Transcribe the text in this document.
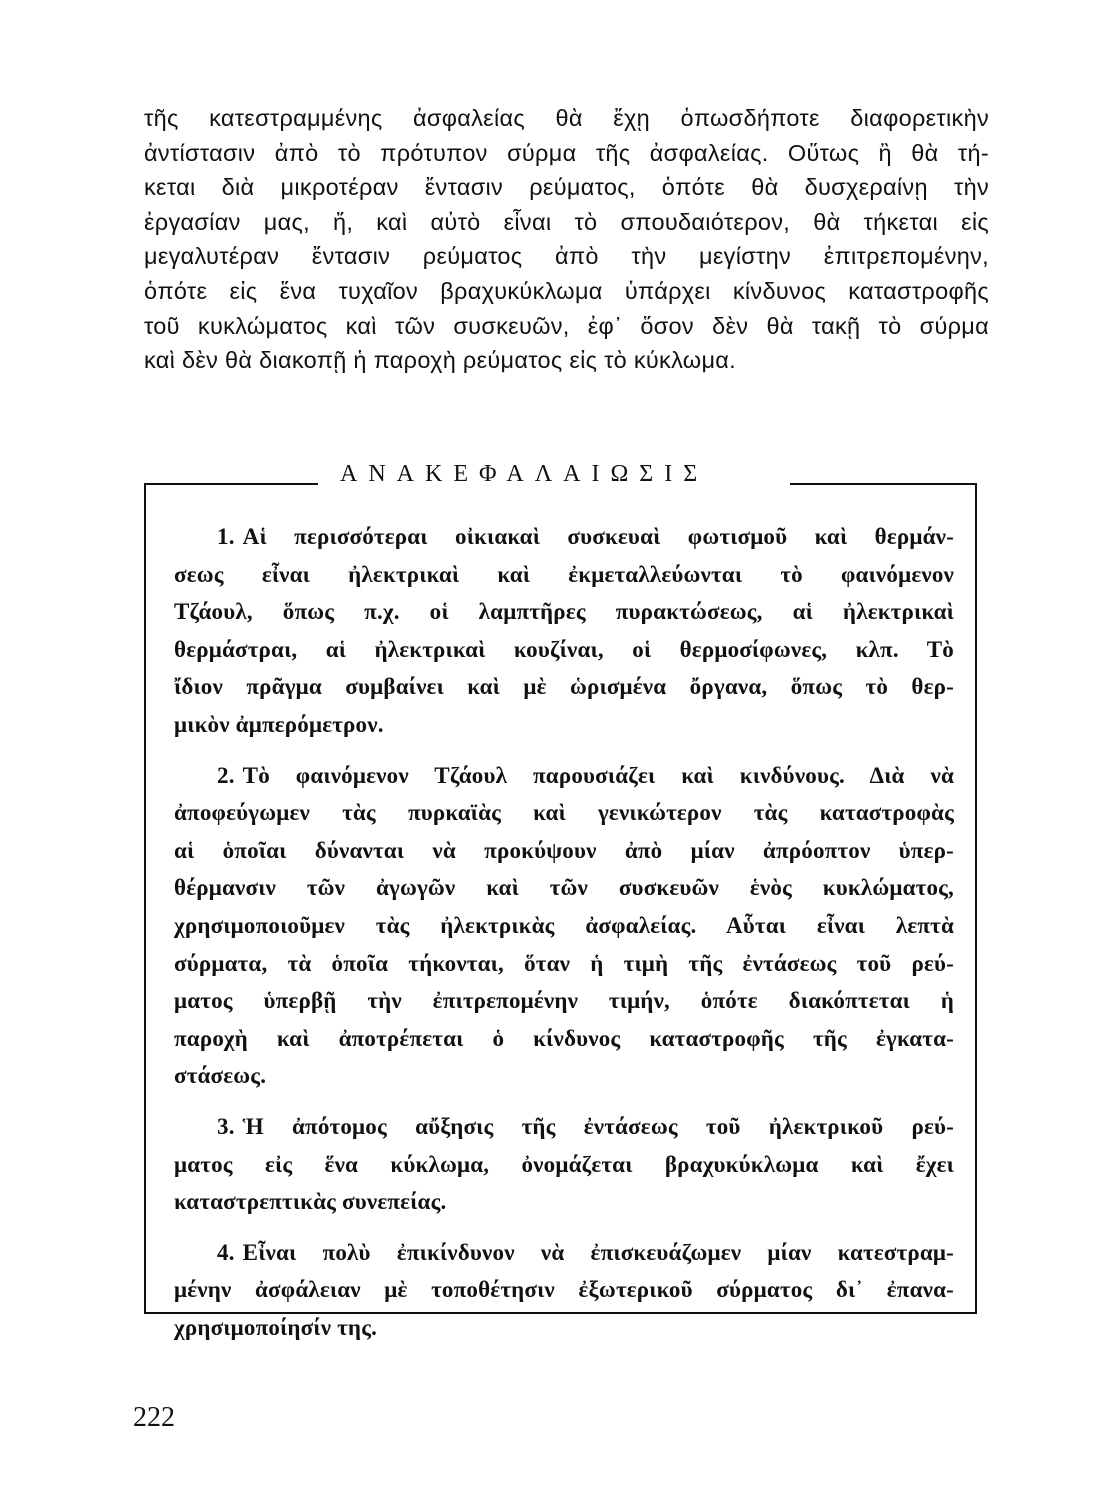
τῆς κατεστραμμένης ἀσφαλείας θὰ ἔχῃ ὁπωσδήποτε διαφορετικὴν
ἀντίστασιν ἀπὸ τὸ πρότυπον σύρμα τῆς ἀσφαλείας. Οὕτως ἢ θὰ τή-
κεται διὰ μικροτέραν ἔντασιν ρεύματος, ὁπότε θὰ δυσχεραίνῃ τὴν
ἐργασίαν μας, ἤ, καὶ αὐτὸ εἶναι τὸ σπουδαιότερον, θὰ τήκεται εἰς
μεγαλυτέραν ἔντασιν ρεύματος ἀπὸ τὴν μεγίστην ἐπιτρεπομένην,
ὁπότε εἰς ἕνα τυχαῖον βραχυκύκλωμα ὑπάρχει κίνδυνος καταστροφῆς
τοῦ κυκλώματος καὶ τῶν συσκευῶν, ἐφ᾿ ὅσον δὲν θὰ τακῇ τὸ σύρμα
καὶ δὲν θὰ διακοπῇ ἡ παροχὴ ρεύματος εἰς τὸ κύκλωμα.
ΑΝΑΚΕΦΑΛΑΙΩΣΙΣ
1. Αἱ περισσότεραι οἰκιακαὶ συσκευαὶ φωτισμοῦ καὶ θερμάν-
σεως εἶναι ἠλεκτρικαὶ καὶ ἐκμεταλλεύωνται τὸ φαινόμενον
Τζάουλ, ὅπως π.χ. οἱ λαμπτῆρες πυρακτώσεως, αἱ ἠλεκτρικαὶ
θερμάστραι, αἱ ἠλεκτρικαὶ κουζίναι, οἱ θερμοσίφωνες, κλπ. Τὸ
ἴδιον πρᾶγμα συμβαίνει καὶ μὲ ὡρισμένα ὄργανα, ὅπως τὸ θερ-
μικὸν ἀμπερόμετρον.
2. Τὸ φαινόμενον Τζάουλ παρουσιάζει καὶ κινδύνους. Διὰ νὰ
ἀποφεύγωμεν τὰς πυρκαϊὰς καὶ γενικώτερον τὰς καταστροφὰς
αἱ ὁποῖαι δύνανται νὰ προκύψουν ἀπὸ μίαν ἀπρόοπτον ὑπερ-
θέρμανσιν τῶν ἀγωγῶν καὶ τῶν συσκευῶν ἑνὸς κυκλώματος,
χρησιμοποιοῦμεν τὰς ἠλεκτρικὰς ἀσφαλείας. Αὗται εἶναι λεπτὰ
σύρματα, τὰ ὁποῖα τήκονται, ὅταν ἡ τιμὴ τῆς ἐντάσεως τοῦ ρεύ-
ματος ὑπερβῇ τὴν ἐπιτρεπομένην τιμήν, ὁπότε διακόπτεται ἡ
παροχὴ καὶ ἀποτρέπεται ὁ κίνδυνος καταστροφῆς τῆς ἐγκατα-
στάσεως.
3. Ἡ ἀπότομος αὔξησις τῆς ἐντάσεως τοῦ ἠλεκτρικοῦ ρεύ-
ματος εἰς ἕνα κύκλωμα, ὀνομάζεται βραχυκύκλωμα καὶ ἔχει
καταστρεπτικὰς συνεπείας.
4. Εἶναι πολὺ ἐπικίνδυνον νὰ ἐπισκευάζωμεν μίαν κατεστραμ-
μένην ἀσφάλειαν μὲ τοποθέτησιν ἐξωτερικοῦ σύρματος δι᾿ ἐπανα-
χρησιμοποίησίν της.
222
